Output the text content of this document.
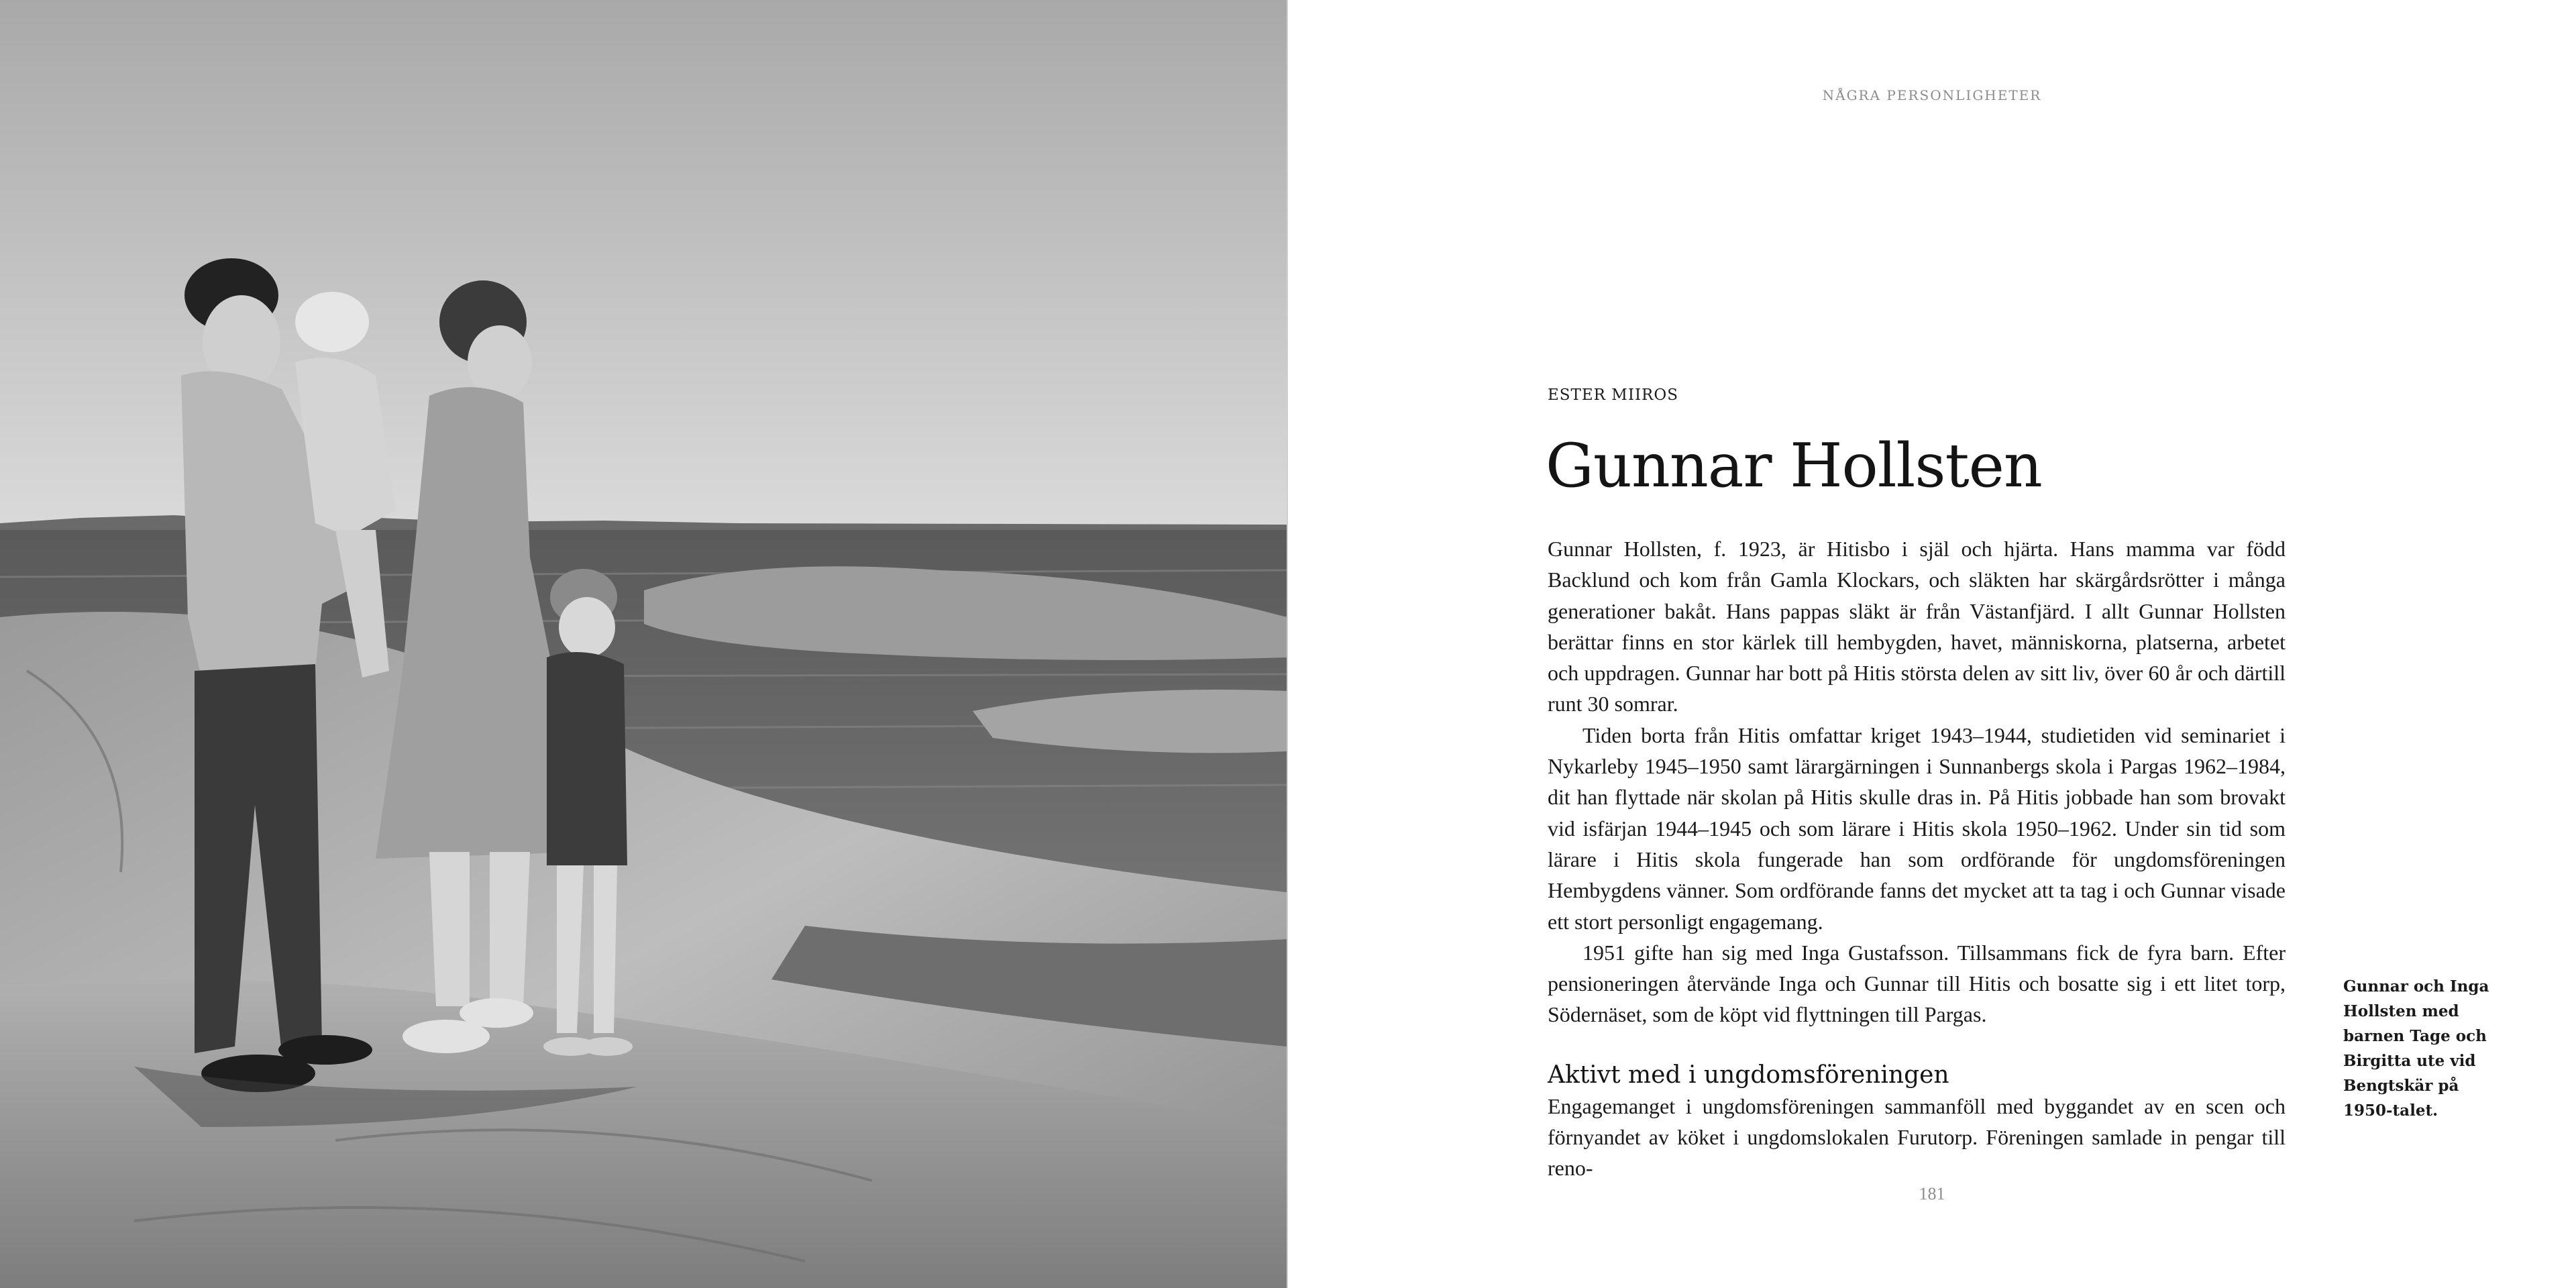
NÅGRA PERSONLIGHETER
ESTER MIIROS
Gunnar Hollsten

Gunnar Hollsten, f. 1923, är Hitisbo i själ och hjärta. Hans mamma var född Backlund och kom från Gamla Klockars, och släkten har skärgårdsrötter i många generationer bakåt. Hans pappas släkt är från Västanfjärd. I allt Gunnar Hollsten berättar finns en stor kärlek till hembygden, havet, människorna, platserna, arbetet och uppdragen. Gunnar har bott på Hitis största delen av sitt liv, över 60 år och därtill runt 30 somrar.

Tiden borta från Hitis omfattar kriget 1943–1944, studietiden vid seminariet i Nykarleby 1945–1950 samt lärargärningen i Sunnanbergs skola i Pargas 1962–1984, dit han flyttade när skolan på Hitis skulle dras in. På Hitis jobbade han som brovakt vid isfärjan 1944–1945 och som lärare i Hitis skola 1950–1962. Under sin tid som lärare i Hitis skola fungerade han som ordförande för ungdomsföreningen Hembygdens vänner. Som ordförande fanns det mycket att ta tag i och Gunnar visade ett stort personligt engagemang.

1951 gifte han sig med Inga Gustafsson. Tillsammans fick de fyra barn. Efter pensioneringen återvände Inga och Gunnar till Hitis och bosatte sig i ett litet torp, Södernäset, som de köpt vid flyttningen till Pargas.

Aktivt med i ungdomsföreningen

Engagemanget i ungdomsföreningen sammanföll med byggandet av en scen och förnyandet av köket i ungdomslokalen Furutorp. Föreningen samlade in pengar till reno-

Gunnar och Inga Hollsten med barnen Tage och Birgitta ute vid Bengtskär på 1950-talet.
181
